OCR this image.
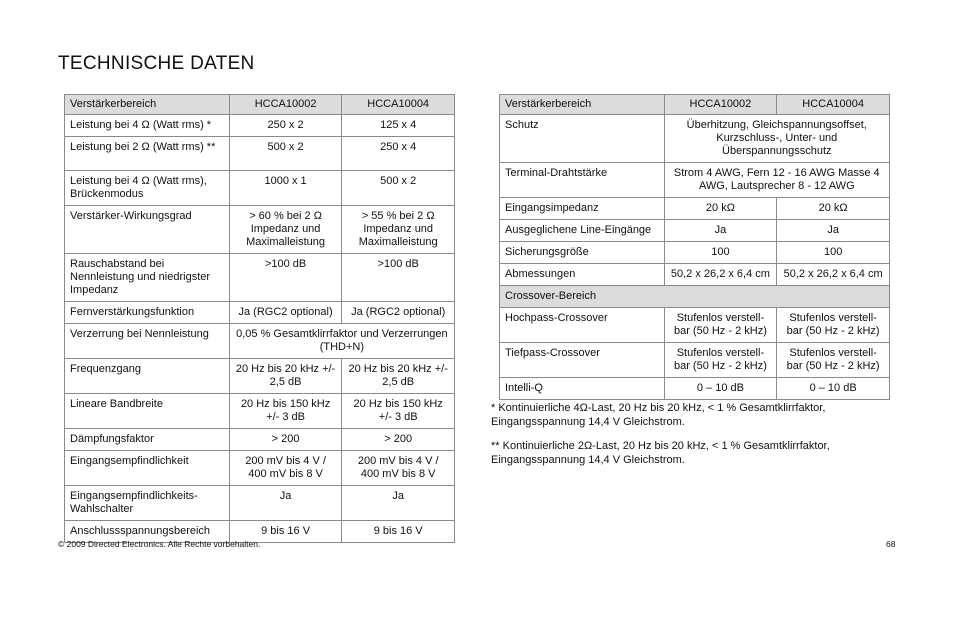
TECHNISCHE DATEN
Verstärkerbereich	HCCA10002	HCCA10004
Leistung bei 4 Ω (Watt rms) *	250 x 2	125 x 4
Leistung bei 2 Ω (Watt rms) **	500 x 2	250 x 4
Leistung bei 4 Ω (Watt rms), Brückenmodus	1000 x 1	500 x 2
Verstärker-Wirkungsgrad	> 60 % bei 2 Ω Impedanz und Maximalleistung	> 55 % bei 2 Ω Impedanz und Maximalleistung
Rauschabstand bei Nennleistung und niedrigster Impedanz	>100 dB	>100 dB
Fernverstärkungsfunktion	Ja (RGC2 optional)	Ja (RGC2 optional)
Verzerrung bei Nennleistung	0,05 % Gesamtklirrfaktor und Verzerrungen (THD+N)	
Frequenzgang	20 Hz bis 20 kHz +/- 2,5 dB	20 Hz bis 20 kHz +/- 2,5 dB
Lineare Bandbreite	20 Hz bis 150 kHz +/- 3 dB	20 Hz bis 150 kHz +/- 3 dB
Dämpfungsfaktor	> 200	> 200
Eingangsempfindlichkeit	200 mV bis 4 V / 400 mV bis 8 V	200 mV bis 4 V / 400 mV bis 8 V
Eingangsempfindlichkeits-Wahlschalter	Ja	Ja
Anschlussspannungsbereich	9 bis 16 V	9 bis 16 V
Verstärkerbereich	HCCA10002	HCCA10004
Schutz	Überhitzung, Gleichspannungsoffset, Kurzschluss-, Unter- und Überspannungsschutz	
Terminal-Drahtstärke	Strom 4 AWG, Fern 12 - 16 AWG Masse 4 AWG, Lautsprecher 8 - 12 AWG	
Eingangsimpedanz	20 kΩ	20 kΩ
Ausgeglichene Line-Eingänge	Ja	Ja
Sicherungsgröße	100	100
Abmessungen	50,2 x 26,2 x 6,4 cm	50,2 x 26,2 x 6,4 cm
Crossover-Bereich		
Hochpass-Crossover	Stufenlos verstell-bar (50 Hz - 2 kHz)	Stufenlos verstell-bar (50 Hz - 2 kHz)
Tiefpass-Crossover	Stufenlos verstell-bar (50 Hz - 2 kHz)	Stufenlos verstell-bar (50 Hz - 2 kHz)
Intelli-Q	0 – 10 dB	0 – 10 dB

* Kontinuierliche 4Ω-Last, 20 Hz bis 20 kHz, < 1 % Gesamtklirrfaktor, Eingangsspannung 14,4 V Gleichstrom.

** Kontinuierliche 2Ω-Last, 20 Hz bis 20 kHz, < 1 % Gesamtklirrfaktor, Eingangsspannung 14,4 V Gleichstrom.

© 2009 Directed Electronics. Alle Rechte vorbehalten.	68
